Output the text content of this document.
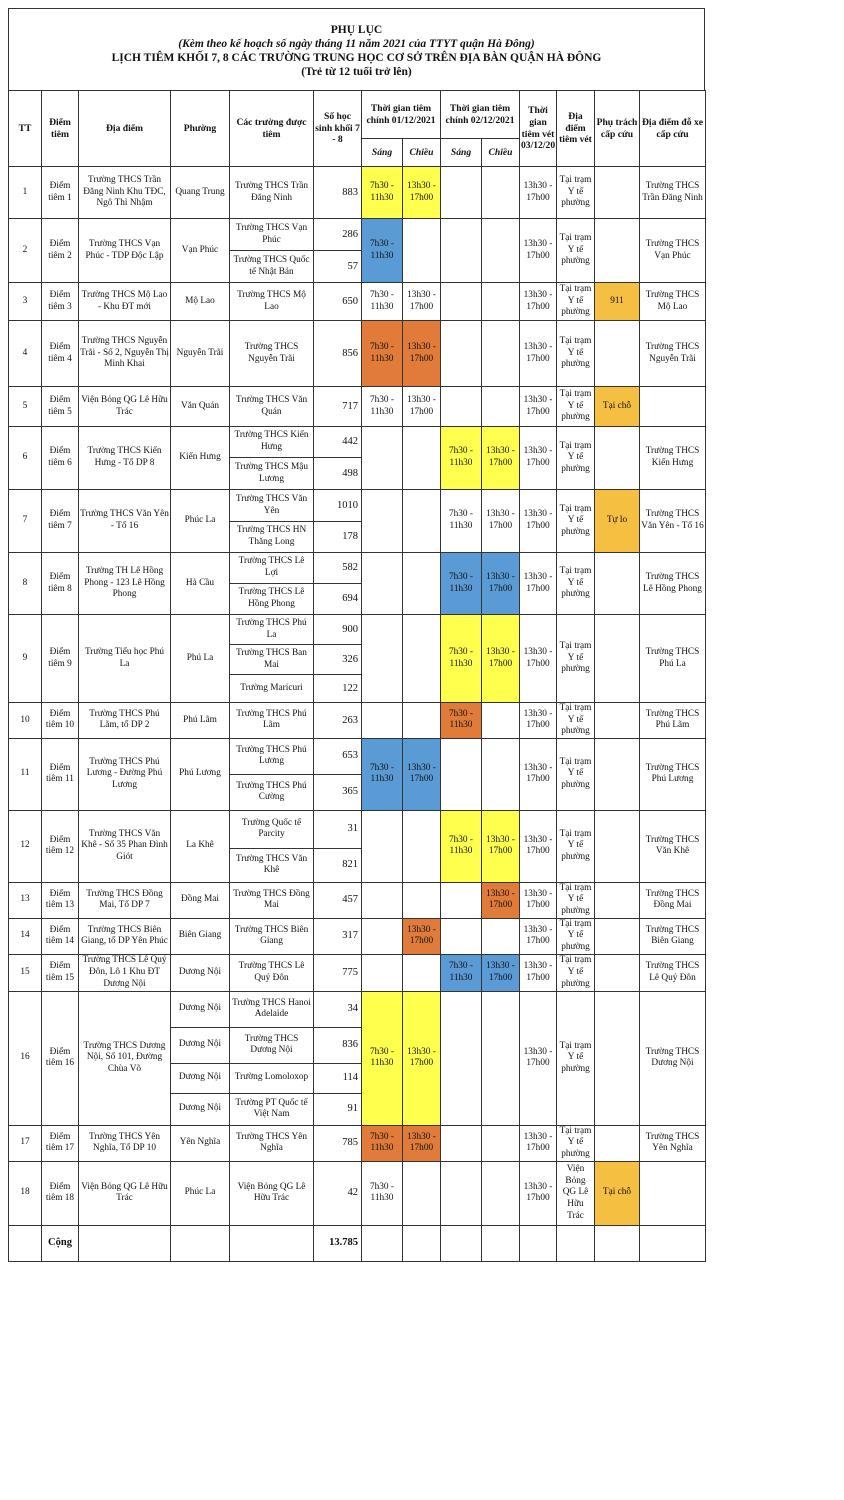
PHỤ LỤC
(Kèm theo kế hoạch số ngày tháng 11 năm 2021 của TTYT quận Hà Đông)
LỊCH TIÊM KHỐI 7, 8 CÁC TRƯỜNG TRUNG HỌC CƠ SỞ TRÊN ĐỊA BÀN QUẬN HÀ ĐÔNG
(Trẻ từ 12 tuổi trở lên)
TT	Điểm tiêm	Địa điểm	Phường	Các trường được tiêm	Số học sinh khối 7 - 8	Thời gian tiêm chính 01/12/2021		Thời gian tiêm chính 02/12/2021		Thời gian tiêm vét 03/12/20	Địa điểm tiêm vét	Phụ trách cấp cứu	Địa điểm đỗ xe cấp cứu
						Sáng	Chiều	Sáng	Chiều				
1	Điểm tiêm 1	Trường THCS Trần Đăng Ninh Khu TĐC, Ngô Thì Nhậm	Quang Trung	Trường THCS Trần Đăng Ninh	883	7h30 - 11h30	13h30 - 17h00			13h30 - 17h00	Tại trạm Y tế phường		Trường THCS Trần Đăng Ninh
2	Điểm tiêm 2	Trường THCS Vạn Phúc - TDP Độc Lập	Vạn Phúc	Trường THCS Vạn Phúc	286	7h30 - 11h30				13h30 - 17h00	Tại trạm Y tế phường		Trường THCS Vạn Phúc
				Trường THCS Quốc tế Nhật Bản	57								
3	Điểm tiêm 3	Trường THCS Mộ Lao - Khu ĐT mới	Mộ Lao	Trường THCS Mộ Lao	650	7h30 - 11h30	13h30 - 17h00			13h30 - 17h00	Tại trạm Y tế phường	911	Trường THCS Mộ Lao
4	Điểm tiêm 4	Trường THCS Nguyễn Trãi - Số 2, Nguyễn Thị Minh Khai	Nguyễn Trãi	Trường THCS Nguyễn Trãi	856	7h30 - 11h30	13h30 - 17h00			13h30 - 17h00	Tại trạm Y tế phường		Trường THCS Nguyễn Trãi
5	Điểm tiêm 5	Viện Bỏng QG Lê Hữu Trác	Văn Quán	Trường THCS Văn Quán	717	7h30 - 11h30	13h30 - 17h00			13h30 - 17h00	Tại trạm Y tế phường	Tại chỗ	
6	Điểm tiêm 6	Trường THCS Kiến Hưng - Tổ DP 8	Kiến Hưng	Trường THCS Kiến Hưng	442			7h30 - 11h30	13h30 - 17h00	13h30 - 17h00	Tại trạm Y tế phường		Trường THCS Kiến Hưng
				Trường THCS Mậu Lương	498								
7	Điểm tiêm 7	Trường THCS Văn Yên - Tổ 16	Phúc La	Trường THCS Văn Yên	1010			7h30 - 11h30	13h30 - 17h00	13h30 - 17h00	Tại trạm Y tế phường	Tự lo	Trường THCS Văn Yên - Tổ 16
				Trường THCS HN Thăng Long	178								
8	Điểm tiêm 8	Trường TH Lê Hồng Phong - 123 Lê Hồng Phong	Hà Cầu	Trường THCS Lê Lợi	582			7h30 - 11h30	13h30 - 17h00	13h30 - 17h00	Tại trạm Y tế phường		Trường THCS Lê Hồng Phong
				Trường THCS Lê Hồng Phong	694								
9	Điểm tiêm 9	Trường Tiểu học Phú La	Phú La	Trường THCS Phú La	900			7h30 - 11h30	13h30 - 17h00	13h30 - 17h00	Tại trạm Y tế phường		Trường THCS Phú La
				Trường THCS Ban Mai	326								
				Trường Maricuri	122								
10	Điểm tiêm 10	Trường THCS Phú Lãm, tổ DP 2	Phú Lãm	Trường THCS Phú Lãm	263			7h30 - 11h30		13h30 - 17h00	Tại trạm Y tế phường		Trường THCS Phú Lãm
11	Điểm tiêm 11	Trường THCS Phú Lương - Đường Phú Lương	Phú Lương	Trường THCS Phú Lương	653	7h30 - 11h30	13h30 - 17h00			13h30 - 17h00	Tại trạm Y tế phường		Trường THCS Phú Lương
				Trường THCS Phú Cường	365								
12	Điểm tiêm 12	Trường THCS Văn Khê - Số 35 Phan Đình Giót	La Khê	Trường Quốc tế Parcity	31			7h30 - 11h30	13h30 - 17h00	13h30 - 17h00	Tại trạm Y tế phường		Trường THCS Văn Khê
				Trường THCS Văn Khê	821								
13	Điểm tiêm 13	Trường THCS Đồng Mai, Tổ DP 7	Đồng Mai	Trường THCS Đồng Mai	457				13h30 - 17h00	13h30 - 17h00	Tại trạm Y tế phường		Trường THCS Đồng Mai
14	Điểm tiêm 14	Trường THCS Biên Giang, tổ DP Yên Phúc	Biên Giang	Trường THCS Biên Giang	317		13h30 - 17h00			13h30 - 17h00	Tại trạm Y tế phường		Trường THCS Biên Giang
15	Điểm tiêm 15	Trường THCS Lê Quý Đôn, Lô 1 Khu ĐT Dương Nội	Dương Nội	Trường THCS Lê Quý Đôn	775			7h30 - 11h30	13h30 - 17h00	13h30 - 17h00	Tại trạm Y tế phường		Trường THCS Lê Quý Đôn
16	Điểm tiêm 16	Trường THCS Dương Nội, Số 101, Đường Chùa Võ	Dương Nội	Trường THCS Hanoi Adelaide	34	7h30 - 11h30	13h30 - 17h00			13h30 - 17h00	Tại trạm Y tế phường		Trường THCS Dương Nội
			Dương Nội	Trường THCS Dương Nội	836								
			Dương Nội	Trường Lomoloxop	114								
			Dương Nội	Trường PT Quốc tế Việt Nam	91								
17	Điểm tiêm 17	Trường THCS Yên Nghĩa, Tổ DP 10	Yên Nghĩa	Trường THCS Yên Nghĩa	785	7h30 - 11h30	13h30 - 17h00			13h30 - 17h00	Tại trạm Y tế phường		Trường THCS Yên Nghĩa
18	Điểm tiêm 18	Viện Bỏng QG Lê Hữu Trác	Phúc La	Viện Bỏng QG Lê Hữu Trác	42	7h30 - 11h30				13h30 - 17h00	Viện Bỏng QG Lê Hữu Trác	Tại chỗ	
	Cộng				13.785								
